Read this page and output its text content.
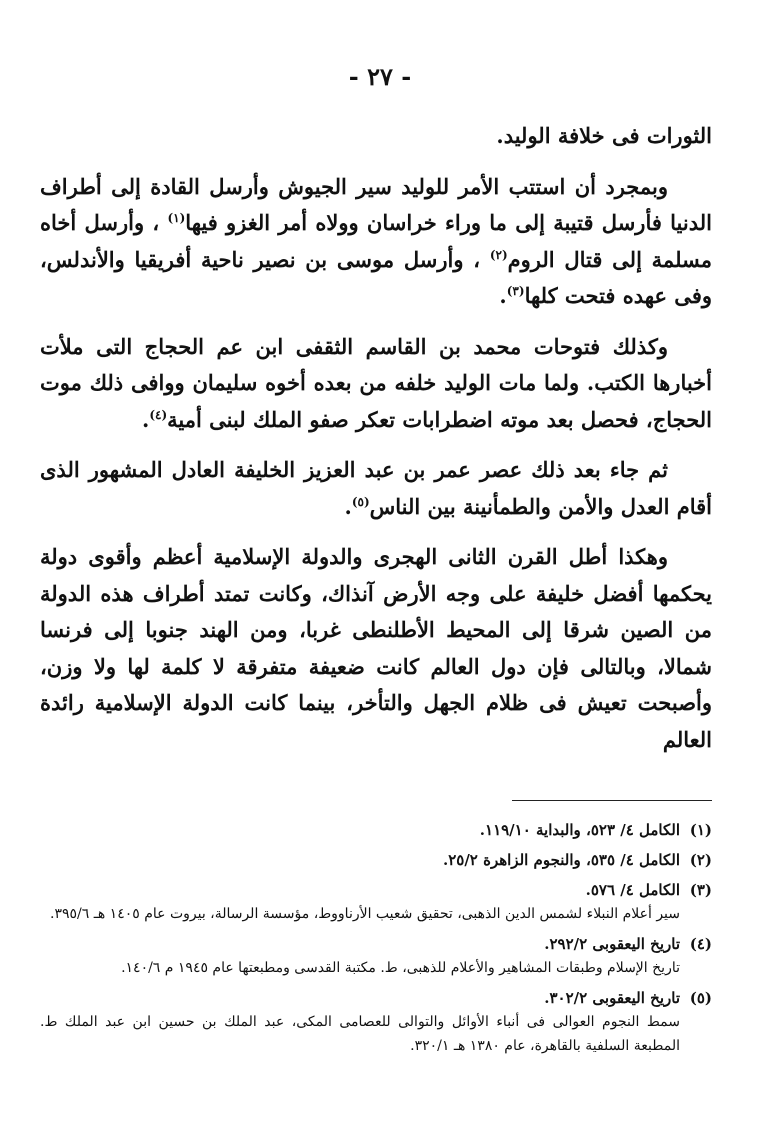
- ٢٧ -

الثورات فى خلافة الوليد.

وبمجرد أن استتب الأمر للوليد سير الجيوش وأرسل القادة إلى أطراف الدنيا فأرسل قتيبة إلى ما وراء خراسان وولاه أمر الغزو فيها$^{(١)}$ ، وأرسل أخاه مسلمة إلى قتال الروم$^{(٢)}$ ، وأرسل موسى بن نصير ناحية أفريقيا والأندلس، وفى عهده فتحت كلها$^{(٣)}$.

وكذلك فتوحات محمد بن القاسم الثقفى ابن عم الحجاج التى ملأت أخبارها الكتب. ولما مات الوليد خلفه من بعده أخوه سليمان ووافى ذلك موت الحجاج، فحصل بعد موته اضطرابات تعكر صفو الملك لبنى أمية$^{(٤)}$.

ثم جاء بعد ذلك عصر عمر بن عبد العزيز الخليفة العادل المشهور الذى أقام العدل والأمن والطمأنينة بين الناس$^{(٥)}$.

وهكذا أطل القرن الثانى الهجرى والدولة الإسلامية أعظم وأقوى دولة يحكمها أفضل خليفة على وجه الأرض آنذاك، وكانت تمتد أطراف هذه الدولة من الصين شرقا إلى المحيط الأطلنطى غربا، ومن الهند جنوبا إلى فرنسا شمالا، وبالتالى فإن دول العالم كانت ضعيفة متفرقة لا كلمة لها ولا وزن، وأصبحت تعيش فى ظلام الجهل والتأخر، بينما كانت الدولة الإسلامية رائدة العالم

(١)الكامل ٤/ ٥٢٣، والبداية ١١٩/١٠.
(٢)الكامل ٤/ ٥٣٥، والنجوم الزاهرة ٢٥/٢.
(٣)الكامل ٤/ ٥٧٦.
سير أعلام النبلاء لشمس الدين الذهبى، تحقيق شعيب الأرناووط، مؤسسة الرسالة، بيروت عام ١٤٠٥ هـ ٣٩٥/٦.
(٤)تاريخ اليعقوبى ٢٩٢/٢.
تاريخ الإسلام وطبقات المشاهير والأعلام للذهبى، ط. مكتبة القدسى ومطبعتها عام ١٩٤٥ م ١٤٠/٦.
(٥)تاريخ اليعقوبى ٣٠٢/٢.
سمط النجوم العوالى فى أنباء الأوائل والتوالى للعصامى المكى، عبد الملك بن حسين ابن عبد الملك ط. المطبعة السلفية بالقاهرة، عام ١٣٨٠ هـ ٣٢٠/١.
